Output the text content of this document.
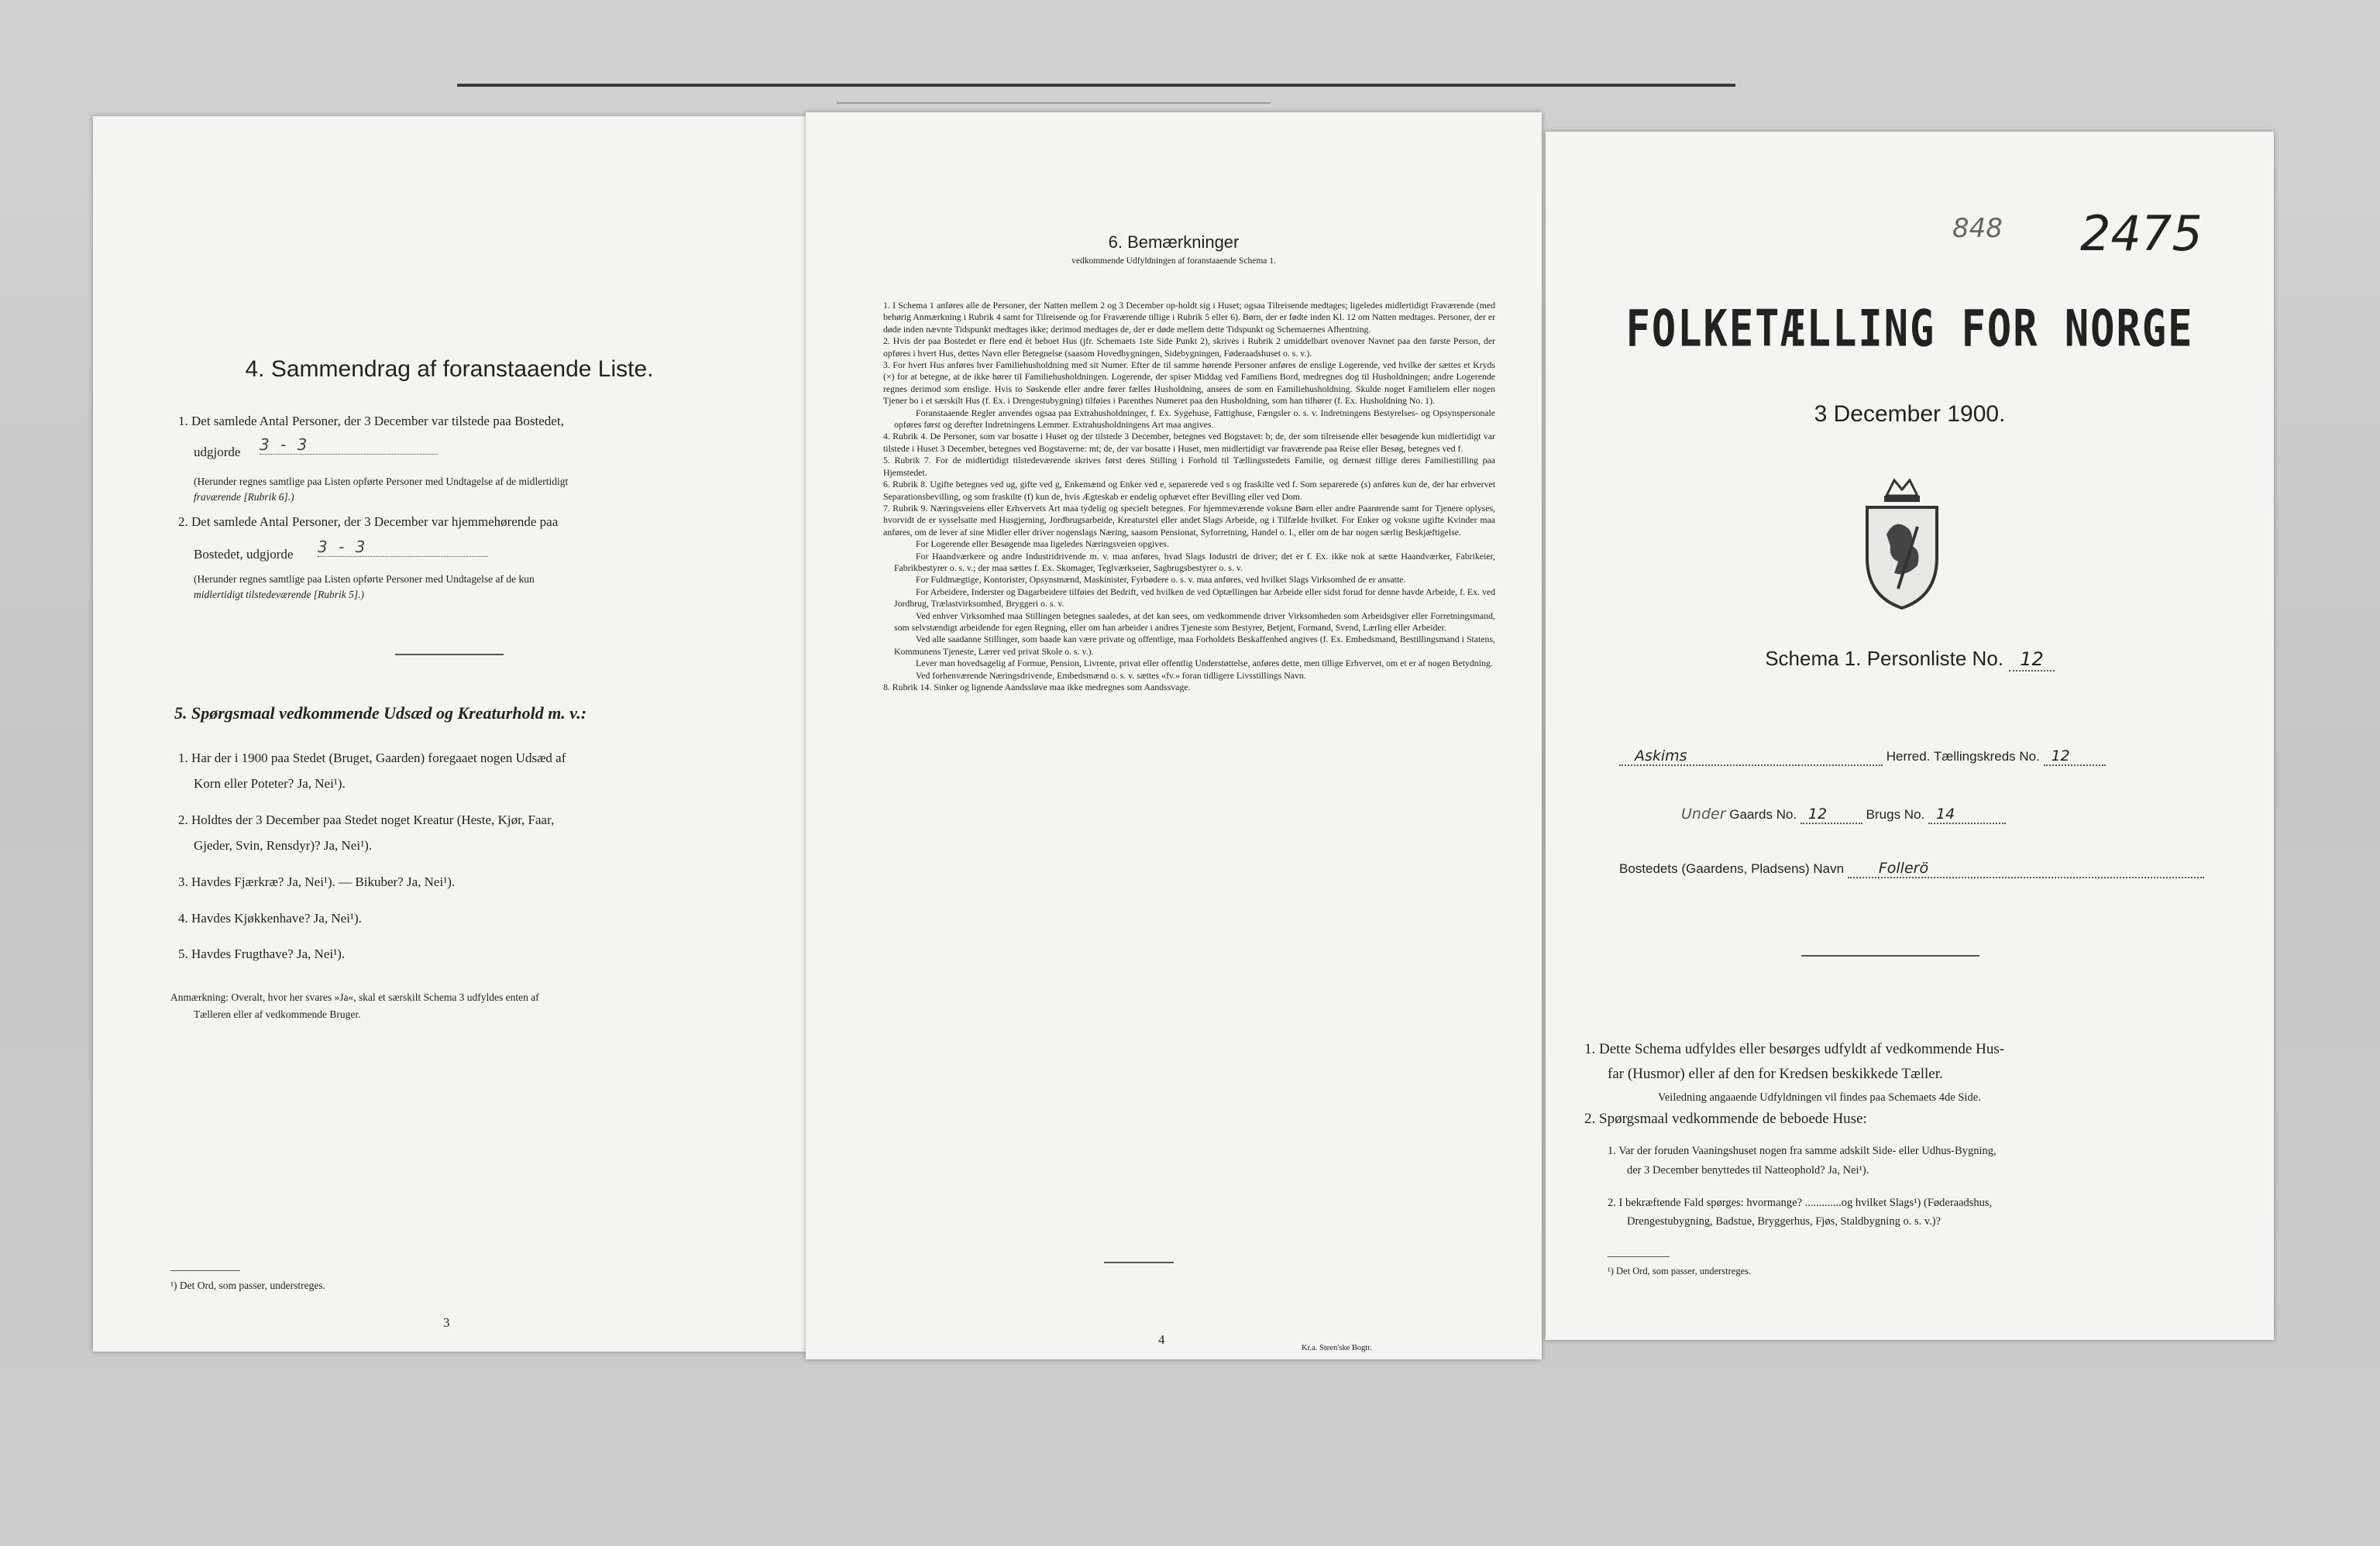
4. Sammendrag af foranstaaende Liste.
1. Det samlede Antal Personer, der 3 December var tilstede paa Bostedet,
udgjorde 3 - 3
(Herunder regnes samtlige paa Listen opførte Personer med Undtagelse af de midlertidigt
fraværende [Rubrik 6].)
2. Det samlede Antal Personer, der 3 December var hjemmehørende paa
Bostedet, udgjorde 3 - 3
(Herunder regnes samtlige paa Listen opførte Personer med Undtagelse af de kun
midlertidigt tilstedeværende [Rubrik 5].)
5. Spørgsmaal vedkommende Udsæd og Kreaturhold m. v.:
1. Har der i 1900 paa Stedet (Bruget, Gaarden) foregaaet nogen Udsæd af
Korn eller Poteter? Ja, Nei¹).
2. Holdtes der 3 December paa Stedet noget Kreatur (Heste, Kjør, Faar,
Gjeder, Svin, Rensdyr)? Ja, Nei¹).
3. Havdes Fjærkræ? Ja, Nei¹). — Bikuber? Ja, Nei¹).
4. Havdes Kjøkkenhave? Ja, Nei¹).
5. Havdes Frugthave? Ja, Nei¹).
Anmærkning: Overalt, hvor her svares »Ja«, skal et særskilt Schema 3 udfyldes enten af
Tælleren eller af vedkommende Bruger.
¹) Det Ord, som passer, understreges.
3
6. Bemærkninger
vedkommende Udfyldningen af foranstaaende Schema 1.

1. I Schema 1 anføres alle de Personer, der Natten mellem 2 og 3 December op-holdt sig i Huset; ogsaa Tilreisende medtages; ligeledes midlertidigt Fraværende (med behørig Anmærkning i Rubrik 4 samt for Tilreisende og for Fraværende tillige i Rubrik 5 eller 6). Børn, der er fødte inden Kl. 12 om Natten medtages. Personer, der er døde inden nævnte Tidspunkt medtages ikke; derimod medtages de, der er døde mellem dette Tidspunkt og Schemaernes Afhentning.

2. Hvis der paa Bostedet er flere end ét beboet Hus (jfr. Schemaets 1ste Side Punkt 2), skrives i Rubrik 2 umiddelbart ovenover Navnet paa den første Person, der opføres i hvert Hus, dettes Navn eller Betegnelse (saasom Hovedbygningen, Sidebygningen, Føderaadshuset o. s. v.).

3. For hvert Hus anføres hver Familiehusholdning med sit Numer. Efter de til samme hørende Personer anføres de enslige Logerende, ved hvilke der sættes et Kryds (×) for at betegne, at de ikke hører til Familiehusholdningen. Logerende, der spiser Middag ved Familiens Bord, medregnes dog til Husholdningen; andre Logerende regnes derimod som enslige. Hvis to Søskende eller andre fører fælles Husholdning, ansees de som en Familiehusholdning. Skulde noget Familielem eller nogen Tjener bo i et særskilt Hus (f. Ex. i Drengestubygning) tilføies i Parenthes Numeret paa den Husholdning, som han tilhører (f. Ex. Husholdning No. 1).

Foranstaaende Regler anvendes ogsaa paa Extrahusholdninger, f. Ex. Sygehuse, Fattighuse, Fængsler o. s. v. Indretningens Bestyrelses- og Opsynspersonale opføres først og derefter Indretningens Lemmer. Extrahusholdningens Art maa angives.

4. Rubrik 4. De Personer, som var bosatte i Huset og der tilstede 3 December, betegnes ved Bogstavet: b; de, der som tilreisende eller besøgende kun midlertidigt var tilstede i Huset 3 December, betegnes ved Bogstaverne: mt; de, der var bosatte i Huset, men midlertidigt var fraværende paa Reise eller Besøg, betegnes ved f.

5. Rubrik 7. For de midlertidigt tilstedeværende skrives først deres Stilling i Forhold til Tællingsstedets Familie, og dernæst tillige deres Familiestilling paa Hjemstedet.

6. Rubrik 8. Ugifte betegnes ved ug, gifte ved g, Enkemænd og Enker ved e, separerede ved s og fraskilte ved f. Som separerede (s) anføres kun de, der har erhvervet Separationsbevilling, og som fraskilte (f) kun de, hvis Ægteskab er endelig ophævet efter Bevilling eller ved Dom.

7. Rubrik 9. Næringsveiens eller Erhvervets Art maa tydelig og specielt betegnes. For hjemmeværende voksne Børn eller andre Paarørende samt for Tjenere oplyses, hvorvidt de er sysselsatte med Husgjerning, Jordbrugsarbeide, Kreaturstel eller andet Slags Arbeide, og i Tilfælde hvilket. For Enker og voksne ugifte Kvinder maa anføres, om de lever af sine Midler eller driver nogenslags Næring, saasom Pensionat, Syforretning, Handel o. l., eller om de har nogen særlig Beskjæftigelse.

For Logerende eller Besøgende maa ligeledes Næringsveien opgives.

For Haandværkere og andre Industridrivende m. v. maa anføres, hvad Slags Industri de driver; det er f. Ex. ikke nok at sætte Haandværker, Fabrikeier, Fabrikbestyrer o. s. v.; der maa sættes f. Ex. Skomager, Teglværkseier, Sagbrugsbestyrer o. s. v.

For Fuldmægtige, Kontorister, Opsynsmænd, Maskinister, Fyrbødere o. s. v. maa anføres, ved hvilket Slags Virksomhed de er ansatte.

For Arbeidere, Inderster og Dagarbeidere tilføies det Bedrift, ved hvilken de ved Optællingen har Arbeide eller sidst forud for denne havde Arbeide, f. Ex. ved Jordbrug, Trælastvirksomhed, Bryggeri o. s. v.

Ved enhver Virksomhed maa Stillingen betegnes saaledes, at det kan sees, om vedkommende driver Virksomheden som Arbeidsgiver eller Forretningsmand, som selvstændigt arbeidende for egen Regning, eller om han arbeider i andres Tjeneste som Bestyrer, Betjent, Formand, Svend, Lærling eller Arbeider.

Ved alle saadanne Stillinger, som baade kan være private og offentlige, maa Forholdets Beskaffenhed angives (f. Ex. Embedsmand, Bestillingsmand i Statens, Kommunens Tjeneste, Lærer ved privat Skole o. s. v.).

Lever man hovedsagelig af Formue, Pension, Livrente, privat eller offentlig Understøttelse, anføres dette, men tillige Erhvervet, om et er af nogen Betydning.

Ved forhenværende Næringsdrivende, Embedsmænd o. s. v. sættes «fv.» foran tidligere Livsstillings Navn.

8. Rubrik 14. Sinker og lignende Aandssløve maa ikke medregnes som Aandssvage.

4
Kr.a. Steen'ske Bogtr.
848 2475
FOLKETÆLLING FOR NORGE
3 December 1900.
Schema 1. Personliste No. 12
Askims	Herred. Tællingskreds No. 12
Under Gaards No. 12	Brugs No. 14
Bostedets (Gaardens, Pladsens) Navn Follerö
1. Dette Schema udfyldes eller besørges udfyldt af vedkommende Hus-
far (Husmor) eller af den for Kredsen beskikkede Tæller.
Veiledning angaaende Udfyldningen vil findes paa Schemaets 4de Side.
2. Spørgsmaal vedkommende de beboede Huse:
1. Var der foruden Vaaningshuset nogen fra samme adskilt Side- eller Udhus-Bygning,
der 3 December benyttedes til Natteophold? Ja, Nei¹).
2. I bekræftende Fald spørges: hvormange? .............og hvilket Slags¹) (Føderaadshus,
Drengestubygning, Badstue, Bryggerhus, Fjøs, Staldbygning o. s. v.)?
¹) Det Ord, som passer, understreges.
